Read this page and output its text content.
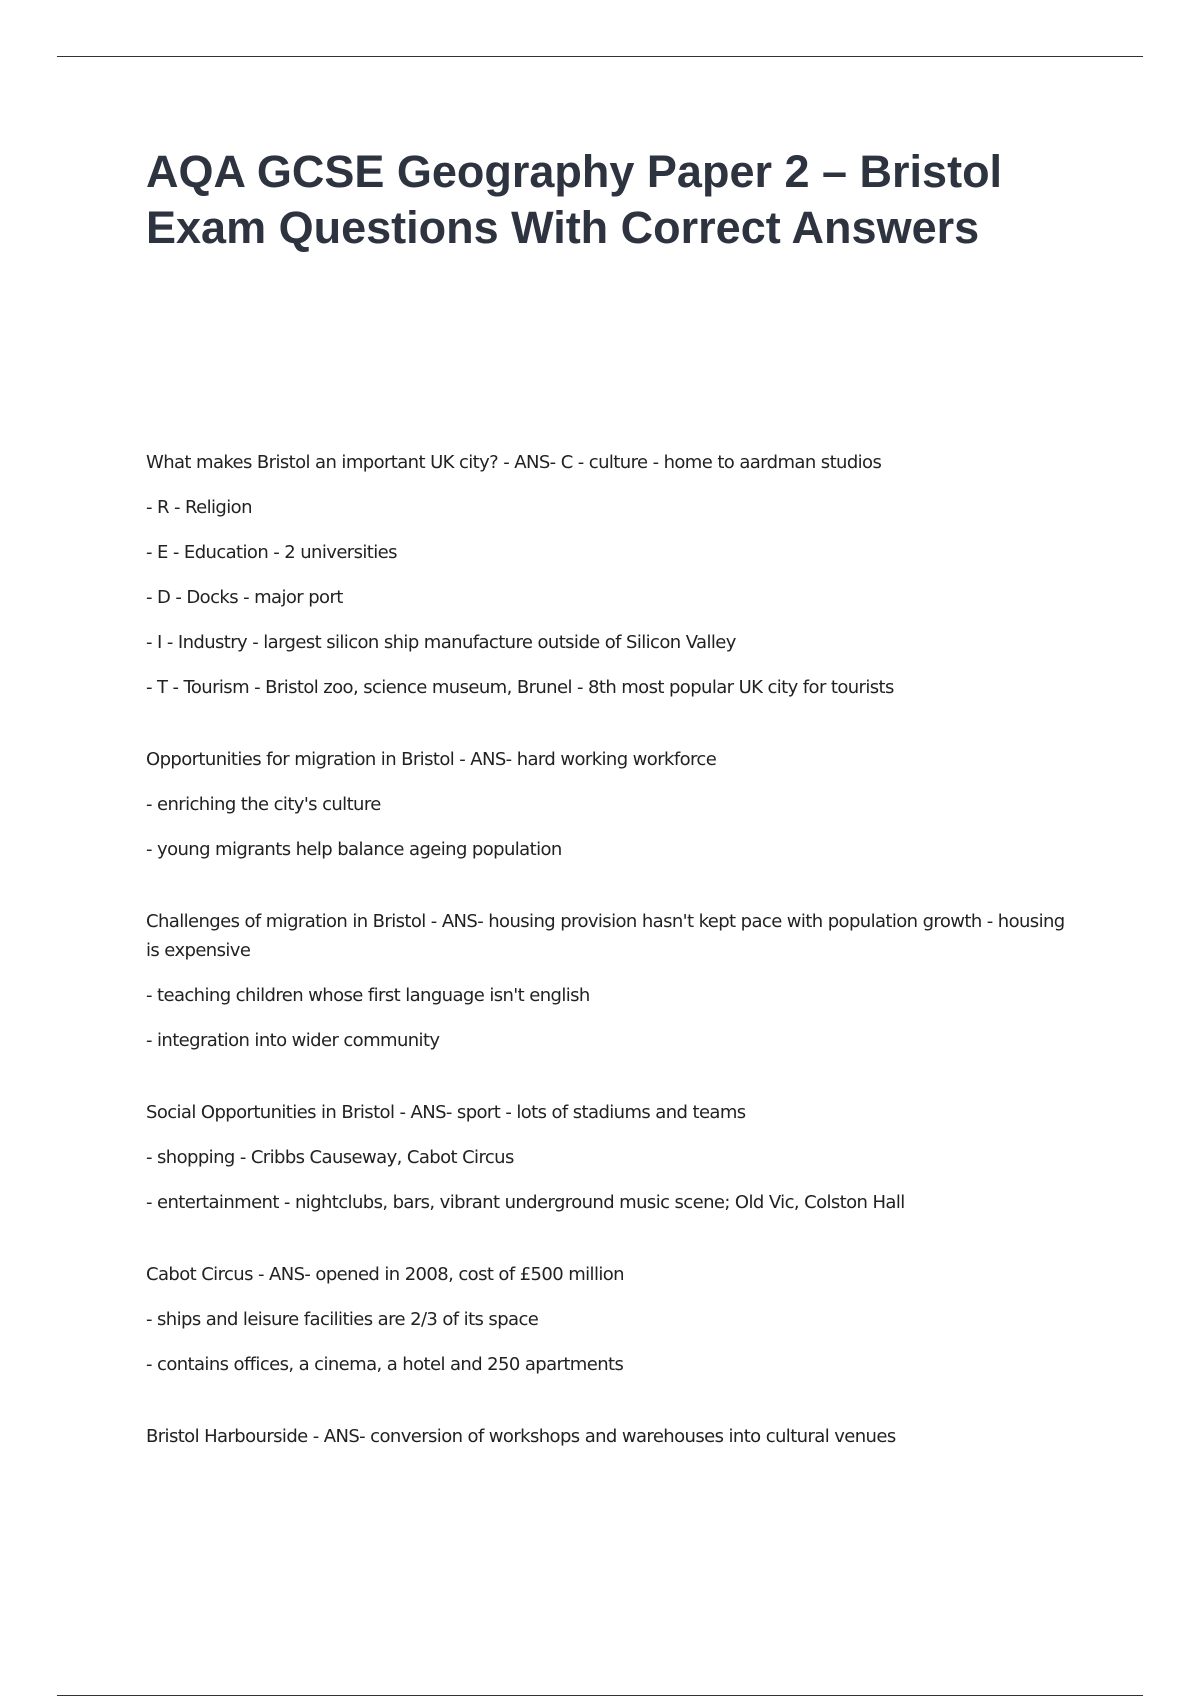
AQA GCSE Geography Paper 2 – Bristol Exam Questions With Correct Answers

What makes Bristol an important UK city? - ANS- C - culture - home to aardman studios

- R - Religion

- E - Education - 2 universities

- D - Docks - major port

- I - Industry - largest silicon ship manufacture outside of Silicon Valley

- T - Tourism - Bristol zoo, science museum, Brunel - 8th most popular UK city for tourists

Opportunities for migration in Bristol - ANS- hard working workforce

- enriching the city's culture

- young migrants help balance ageing population

Challenges of migration in Bristol - ANS- housing provision hasn't kept pace with population growth - housing is expensive

- teaching children whose first language isn't english

- integration into wider community

Social Opportunities in Bristol - ANS- sport - lots of stadiums and teams

- shopping - Cribbs Causeway, Cabot Circus

- entertainment - nightclubs, bars, vibrant underground music scene; Old Vic, Colston Hall

Cabot Circus - ANS- opened in 2008, cost of £500 million

- ships and leisure facilities are 2/3 of its space

- contains offices, a cinema, a hotel and 250 apartments

Bristol Harbourside - ANS- conversion of workshops and warehouses into cultural venues
